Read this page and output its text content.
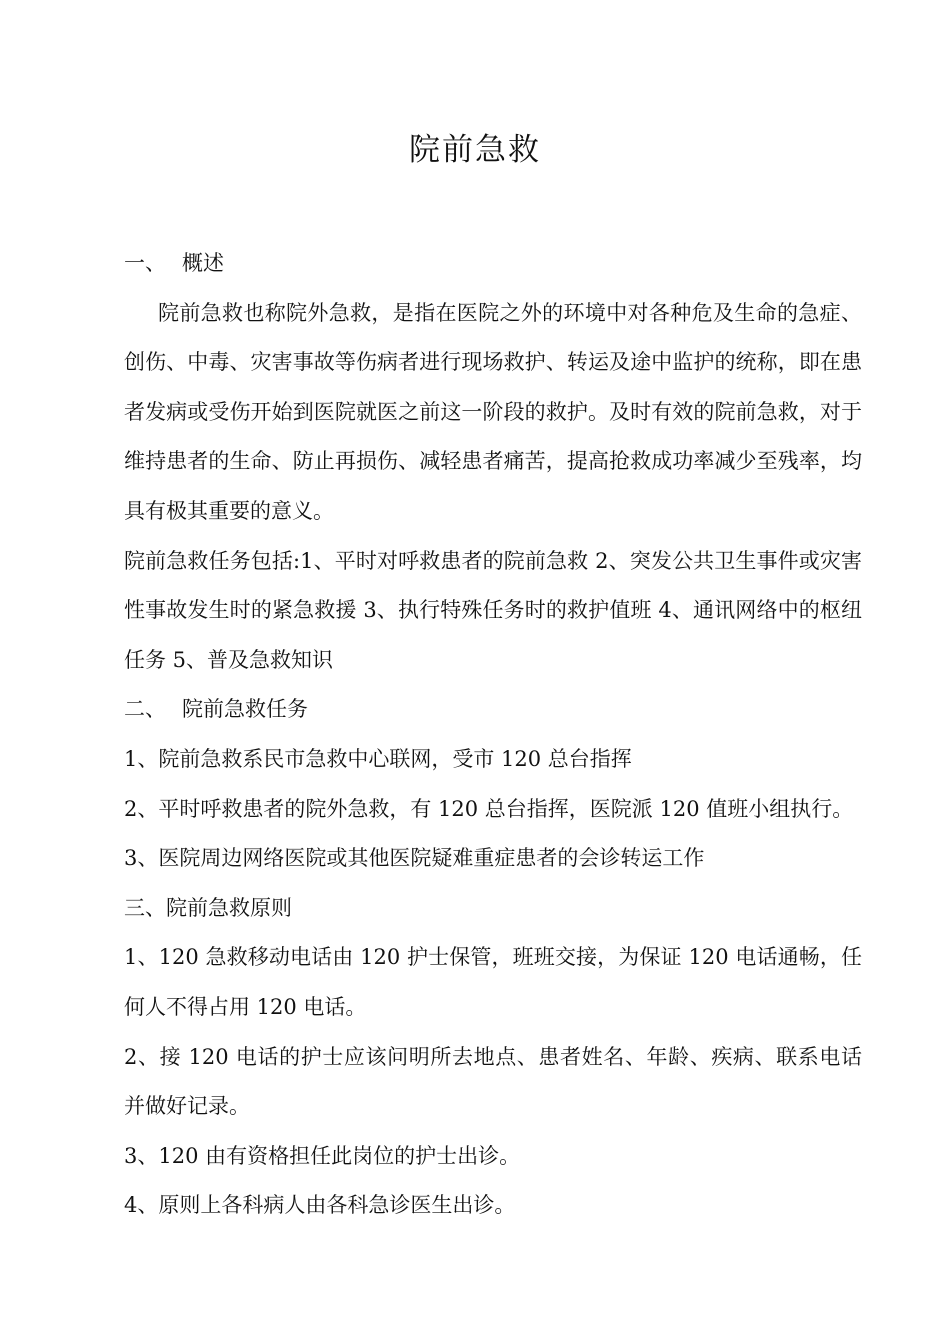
院前急救

一、 概述

院前急救也称院外急救，是指在医院之外的环境中对各种危及生命的急症、创伤、中毒、灾害事故等伤病者进行现场救护、转运及途中监护的统称，即在患者发病或受伤开始到医院就医之前这一阶段的救护。及时有效的院前急救，对于维持患者的生命、防止再损伤、减轻患者痛苦，提高抢救成功率减少至残率，均具有极其重要的意义。

院前急救任务包括:1、平时对呼救患者的院前急救 2、突发公共卫生事件或灾害性事故发生时的紧急救援 3、执行特殊任务时的救护值班 4、通讯网络中的枢纽任务 5、普及急救知识

二、 院前急救任务

1、院前急救系民市急救中心联网，受市 120 总台指挥

2、平时呼救患者的院外急救，有 120 总台指挥，医院派 120 值班小组执行。

3、医院周边网络医院或其他医院疑难重症患者的会诊转运工作

三、院前急救原则

1、120 急救移动电话由 120 护士保管，班班交接，为保证 120 电话通畅，任何人不得占用 120 电话。

2、接 120 电话的护士应该问明所去地点、患者姓名、年龄、疾病、联系电话并做好记录。

3、120 由有资格担任此岗位的护士出诊。

4、原则上各科病人由各科急诊医生出诊。
